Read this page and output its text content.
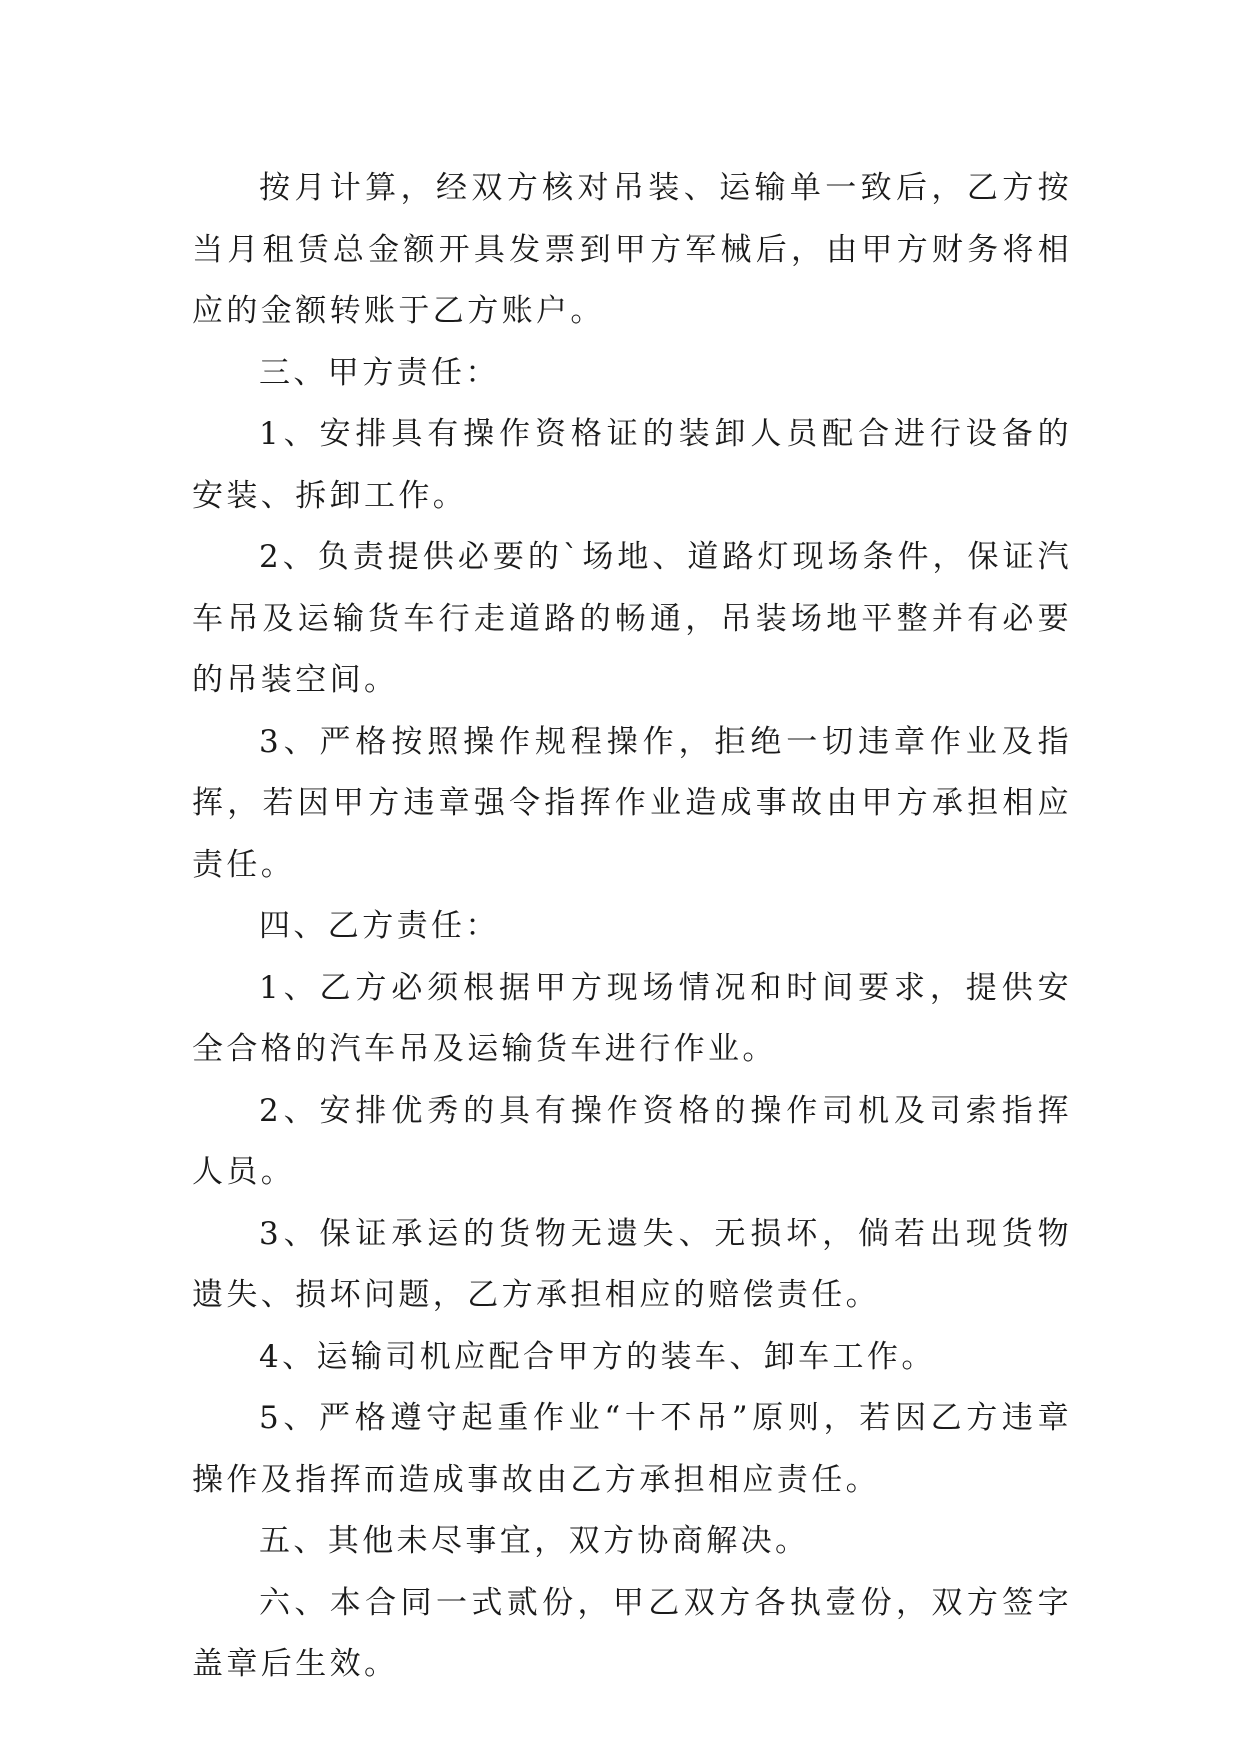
按月计算，经双方核对吊装、运输单一致后，乙方按当月租赁总金额开具发票到甲方军械后，由甲方财务将相应的金额转账于乙方账户。

三、甲方责任：

1、安排具有操作资格证的装卸人员配合进行设备的安装、拆卸工作。

2、负责提供必要的`场地、道路灯现场条件，保证汽车吊及运输货车行走道路的畅通，吊装场地平整并有必要的吊装空间。

3、严格按照操作规程操作，拒绝一切违章作业及指挥，若因甲方违章强令指挥作业造成事故由甲方承担相应责任。

四、乙方责任：

1、乙方必须根据甲方现场情况和时间要求，提供安全合格的汽车吊及运输货车进行作业。

2、安排优秀的具有操作资格的操作司机及司索指挥人员。

3、保证承运的货物无遗失、无损坏，倘若出现货物遗失、损坏问题，乙方承担相应的赔偿责任。

4、运输司机应配合甲方的装车、卸车工作。

5、严格遵守起重作业“十不吊”原则，若因乙方违章操作及指挥而造成事故由乙方承担相应责任。

五、其他未尽事宜，双方协商解决。

六、本合同一式贰份，甲乙双方各执壹份，双方签字盖章后生效。
